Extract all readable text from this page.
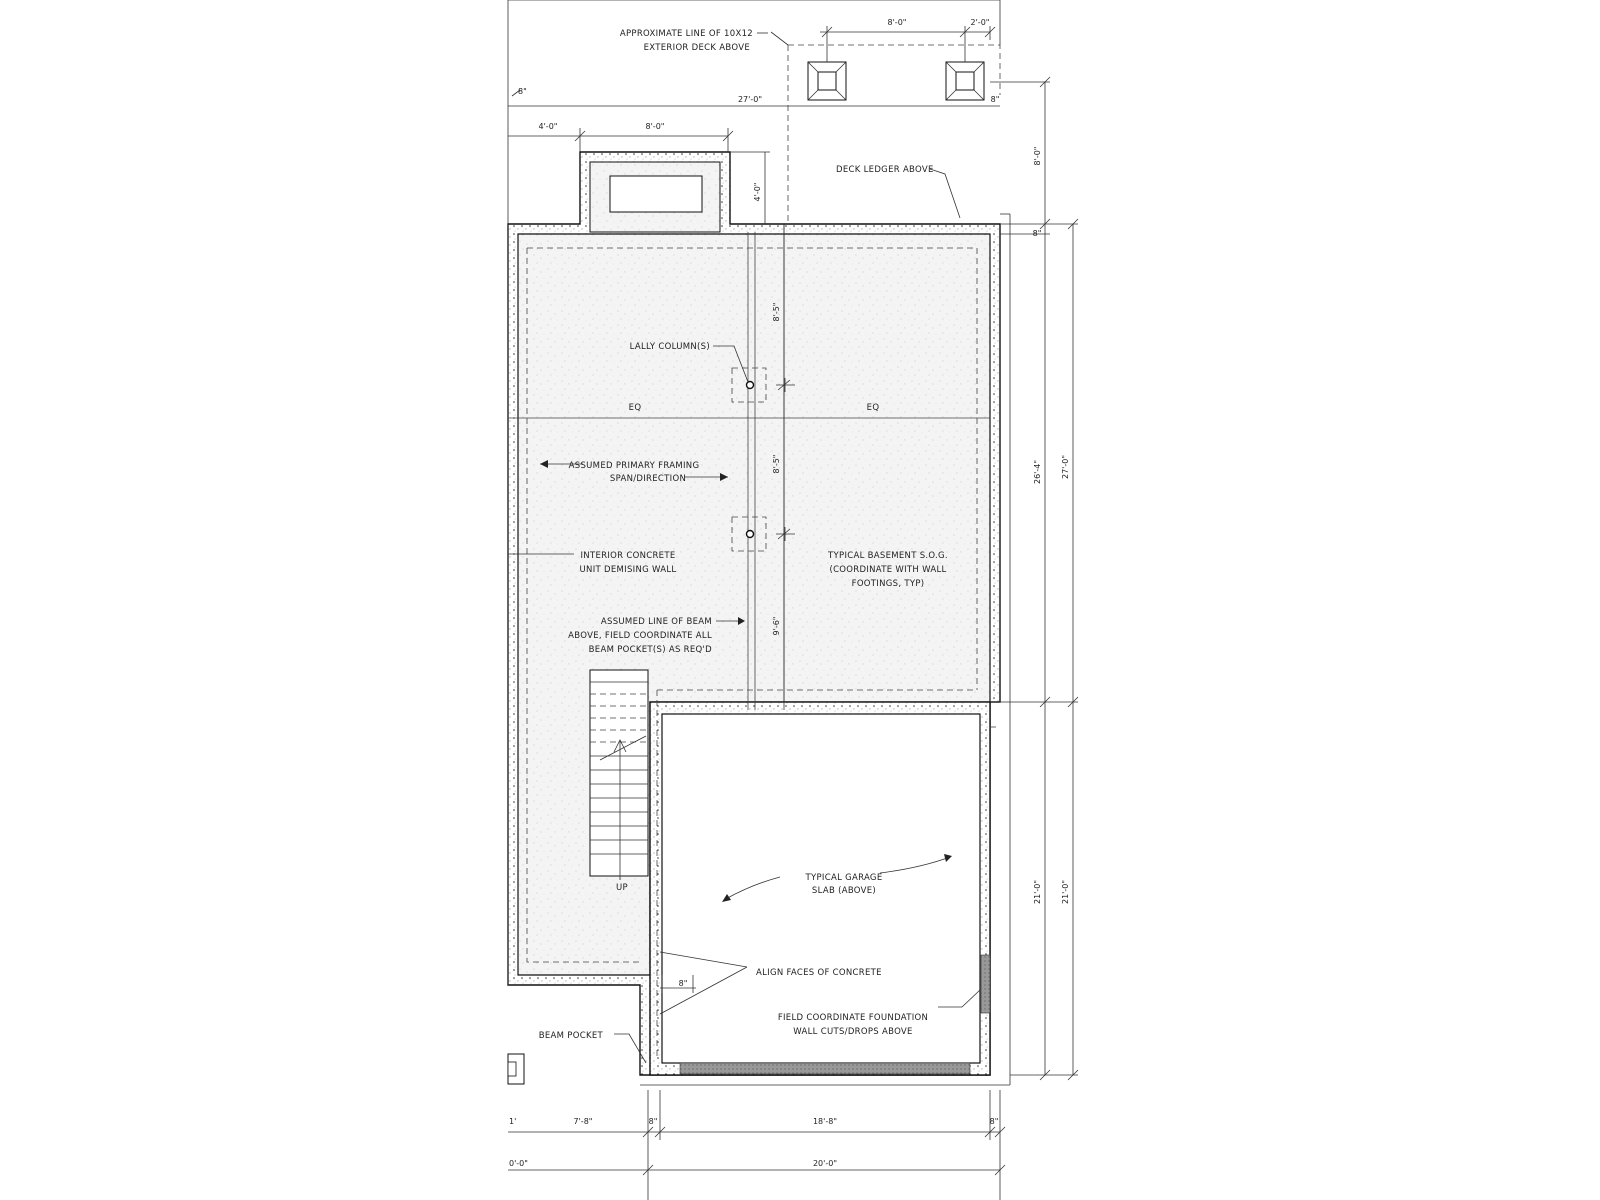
APPROXIMATE LINE OF 10X12
EXTERIOR DECK ABOVE
DECK LEDGER ABOVE
LALLY COLUMN(S)
EQ	EQ
ASSUMED PRIMARY FRAMING
SPAN/DIRECTION
INTERIOR CONCRETE
UNIT DEMISING WALL
TYPICAL BASEMENT S.O.G.
(COORDINATE WITH WALL
FOOTINGS, TYP)
ASSUMED LINE OF BEAM
ABOVE, FIELD COORDINATE ALL
BEAM POCKET(S) AS REQ'D
UP
TYPICAL GARAGE
SLAB (ABOVE)
ALIGN FACES OF CONCRETE
FIELD COORDINATE FOUNDATION
WALL CUTS/DROPS ABOVE
BEAM POCKET
8'-0"	2'-0"
27'-0"
8"
4'-0"	8'-0"
8"
4'-0"
8'-0"
8"
8'-5"
8'-5"
9'-6"
26'-4" 27'-0"
21'-0" 21'-0"
8"
1'	7'-8"	8"	18'-8"	8"
0'-0"	20'-0"
